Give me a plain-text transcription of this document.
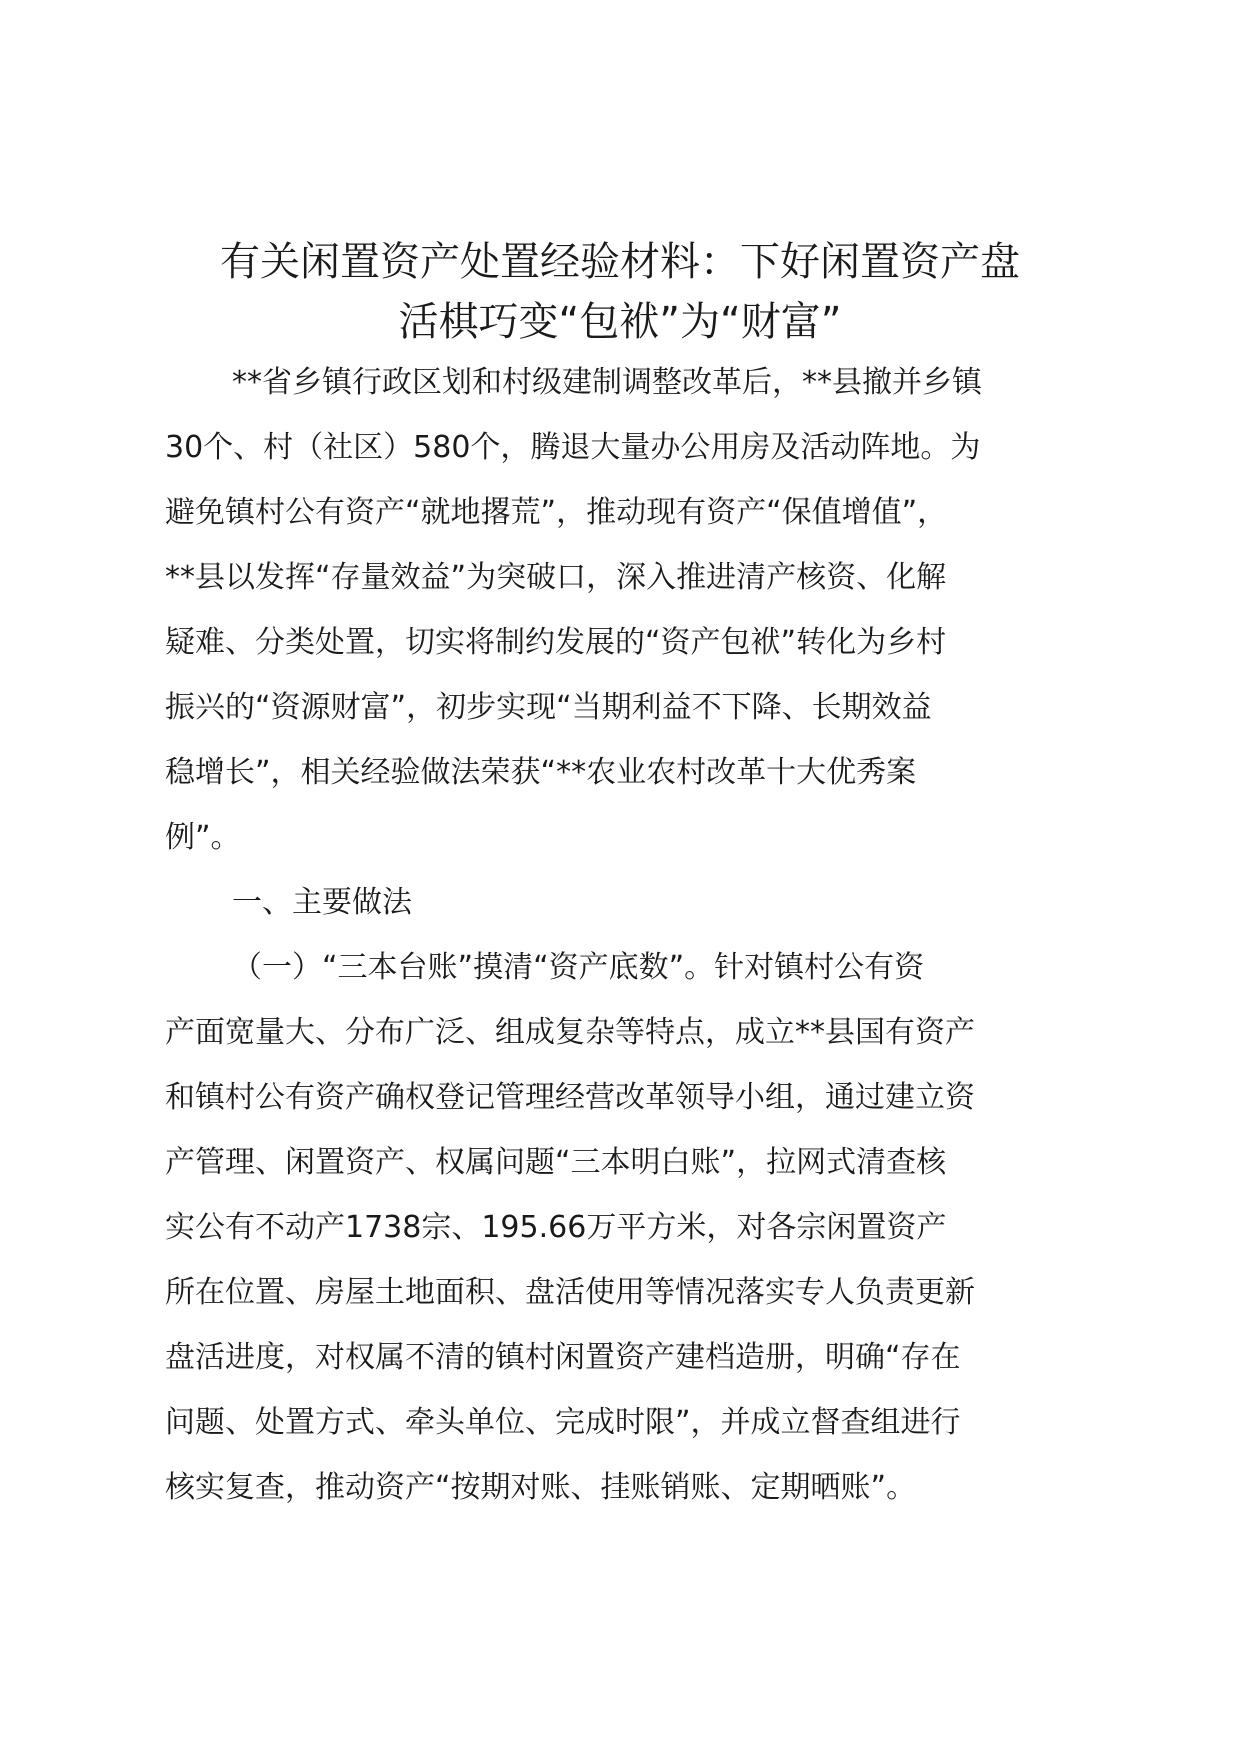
有关闲置资产处置经验材料：下好闲置资产盘
活棋巧变“包袱”为“财富”

**省乡镇行政区划和村级建制调整改革后，**县撤并乡镇
30个、村（社区）580个，腾退大量办公用房及活动阵地。为
避免镇村公有资产“就地撂荒”，推动现有资产“保值增值”，
**县以发挥“存量效益”为突破口，深入推进清产核资、化解
疑难、分类处置，切实将制约发展的“资产包袱”转化为乡村
振兴的“资源财富”，初步实现“当期利益不下降、长期效益
稳增长”，相关经验做法荣获“**农业农村改革十大优秀案
例”。

一、主要做法

（一）“三本台账”摸清“资产底数”。针对镇村公有资
产面宽量大、分布广泛、组成复杂等特点，成立**县国有资产
和镇村公有资产确权登记管理经营改革领导小组，通过建立资
产管理、闲置资产、权属问题“三本明白账”，拉网式清查核
实公有不动产1738宗、195.66万平方米，对各宗闲置资产
所在位置、房屋土地面积、盘活使用等情况落实专人负责更新
盘活进度，对权属不清的镇村闲置资产建档造册，明确“存在
问题、处置方式、牵头单位、完成时限”，并成立督查组进行
核实复查，推动资产“按期对账、挂账销账、定期晒账”。
